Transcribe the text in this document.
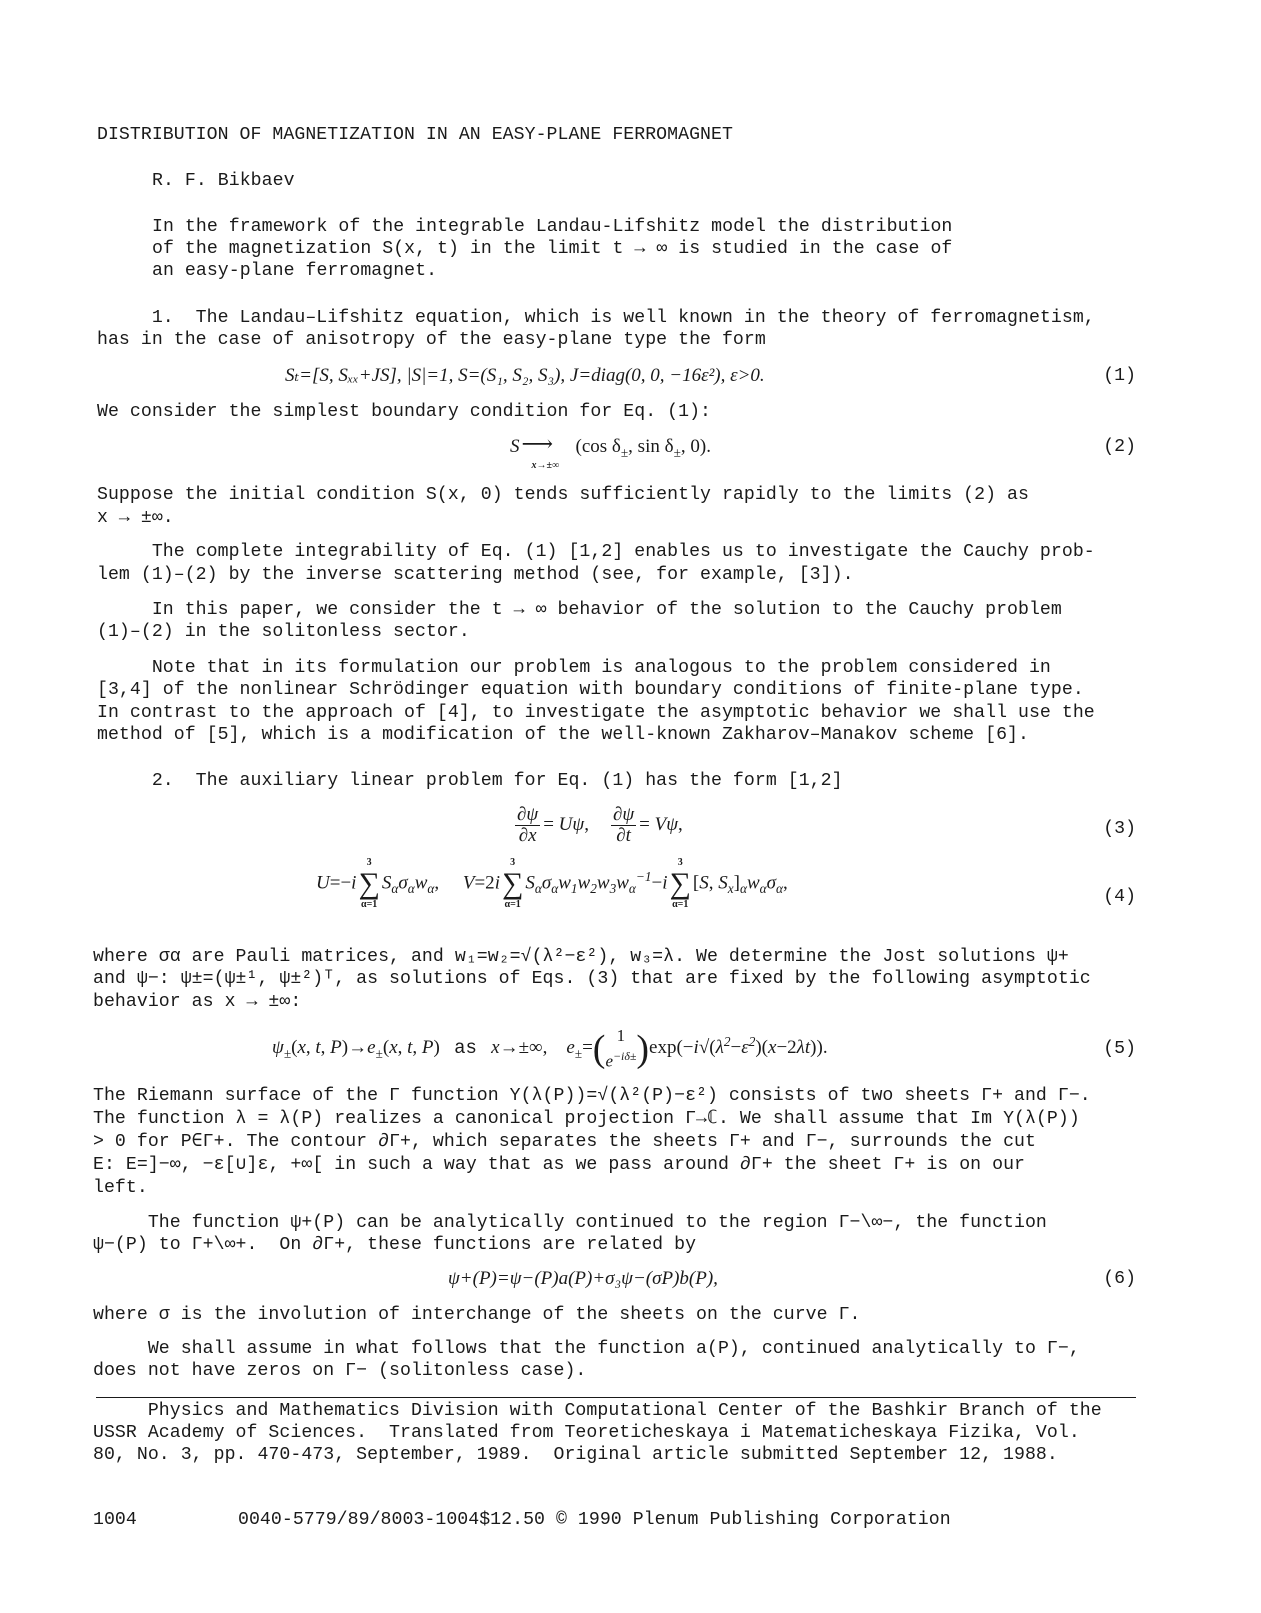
DISTRIBUTION OF MAGNETIZATION IN AN EASY-PLANE FERROMAGNET
R. F. Bikbaev
In the framework of the integrable Landau-Lifshitz model the distribution
of the magnetization S(x, t) in the limit t → ∞ is studied in the case of
an easy-plane ferromagnet.
1.  The Landau–Lifshitz equation, which is well known in the theory of ferromagnetism,
has in the case of anisotropy of the easy-plane type the form
Sₜ=[S, Sₓₓ+JS], |S|=1, S=(S₁, S₂, S₃), J=diag(0, 0, −16ε²), ε>0.	(1)
We consider the simplest boundary condition for Eq. (1):
S ⟶
x→±∞
(cos $\delta_\pm$, $\sin \delta_\pm$, 0).	(2)
Suppose the initial condition S(x, 0) tends sufficiently rapidly to the limits (2) as
x → ±∞.
The complete integrability of Eq. (1) [1,2] enables us to investigate the Cauchy prob-
lem (1)–(2) by the inverse scattering method (see, for example, [3]).
In this paper, we consider the t → ∞ behavior of the solution to the Cauchy problem
(1)–(2) in the solitonless sector.
Note that in its formulation our problem is analogous to the problem considered in
[3,4] of the nonlinear Schrödinger equation with boundary conditions of finite-plane type.
In contrast to the approach of [4], to investigate the asymptotic behavior we shall use the
method of [5], which is a modification of the well-known Zakharov–Manakov scheme [6].
2.  The auxiliary linear problem for Eq. (1) has the form [1,2]
$\frac{\partial\psi}{\partial x} = U\psi$, $\frac{\partial\psi}{\partial t} = V\psi$,	(3)
U=−i
3
∑
α=1
$S_\alpha\sigma_\alpha w_\alpha$,     V=2i
3
∑
α=1
$S_\alpha\sigma_\alpha w_1w_2w_3w_\alpha^{-1}-i$
3
∑
α=1
[S, $S_x]_\alpha w_\alpha\sigma_\alpha$,
(4)
where σα are Pauli matrices, and w₁=w₂=√(λ²−ε²), w₃=λ. We determine the Jost solutions ψ+
and ψ−: ψ±=(ψ±¹, ψ±²)ᵀ, as solutions of Eqs. (3) that are fixed by the following asymptotic
behavior as x → ±∞:
$\psi_\pm(x$, t, $P)\to e_\pm(x$, t, P) as   x→±∞,    $e_\pm=$( 1
$e^{-i\delta\pm})\exp(-i√(\lambda^2-\varepsilon^2)(x-2\lambda t))$.	(5)
The Riemann surface of the Γ function Y(λ(P))=√(λ²(P)−ε²) consists of two sheets Γ+ and Γ−.
The function λ = λ(P) realizes a canonical projection Γ→ℂ. We shall assume that Im Y(λ(P))
> 0 for P∈Γ+. The contour ∂Γ+, which separates the sheets Γ+ and Γ−, surrounds the cut
E: E=]−∞, −ε[∪]ε, +∞[ in such a way that as we pass around ∂Γ+ the sheet Γ+ is on our
left.
The function ψ+(P) can be analytically continued to the region Γ−\∞−, the function
ψ−(P) to Γ+\∞+.  On ∂Γ+, these functions are related by
ψ+(P)=ψ−(P)a(P)+σ₃ψ−(σP)b(P),	(6)
where σ is the involution of interchange of the sheets on the curve Γ.
We shall assume in what follows that the function a(P), continued analytically to Γ−,
does not have zeros on Γ− (solitonless case).
Physics and Mathematics Division with Computational Center of the Bashkir Branch of the
USSR Academy of Sciences.  Translated from Teoreticheskaya i Matematicheskaya Fizika, Vol.
80, No. 3, pp. 470-473, September, 1989.  Original article submitted September 12, 1988.
1004	0040-5779/89/8003-1004$12.50 © 1990 Plenum Publishing Corporation
